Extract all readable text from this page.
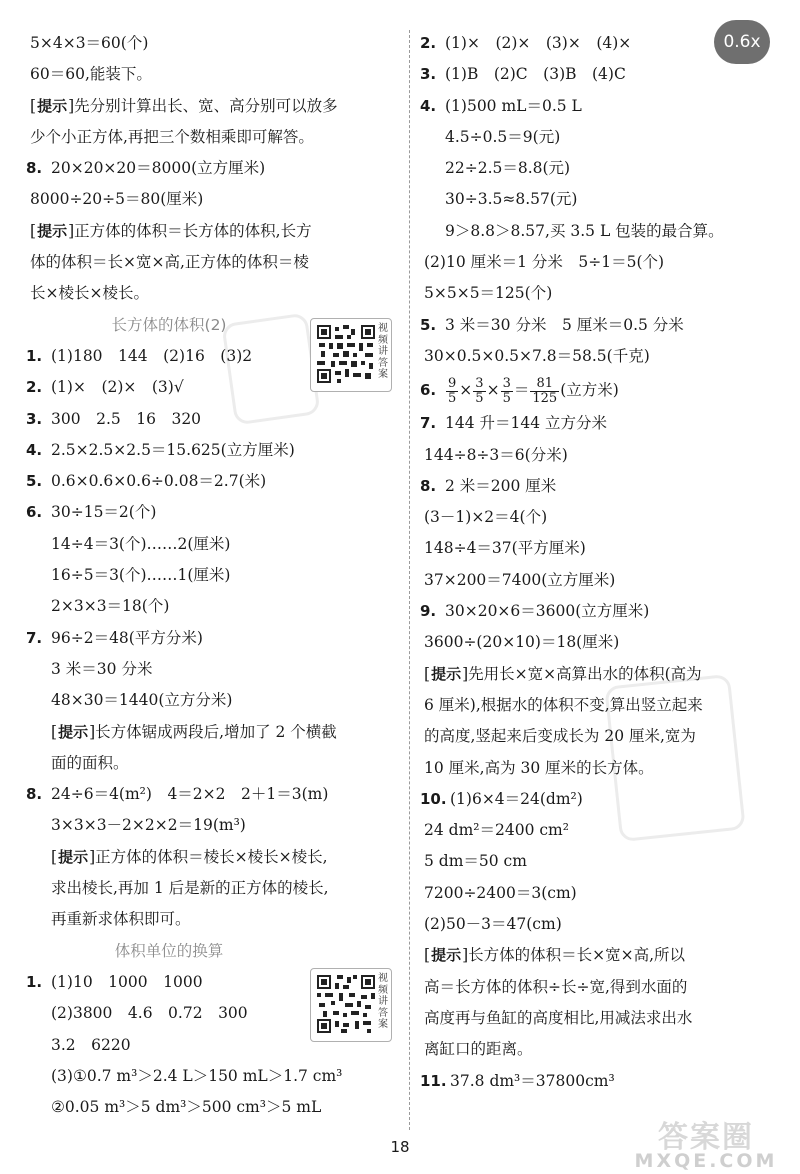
0.6x
5×4×3＝60(个)
60＝60,能装下。
[提示]先分别计算出长、宽、高分别可以放多
少个小正方体,再把三个数相乘即可解答。
8. 20×20×20＝8000(立方厘米)
8000÷20÷5＝80(厘米)
[提示]正方体的体积＝长方体的体积,长方
体的体积＝长×宽×高,正方体的体积＝棱
长×棱长×棱长。
长方体的体积(2)
1. (1)180　144　(2)16　(3)2
2. (1)×　(2)×　(3)√
3. 300　2.5　16　320
4. 2.5×2.5×2.5＝15.625(立方厘米)
5. 0.6×0.6×0.6÷0.08＝2.7(米)
6. 30÷15＝2(个)
14÷4＝3(个)……2(厘米)
16÷5＝3(个)……1(厘米)
2×3×3＝18(个)
7. 96÷2＝48(平方分米)
3 米＝30 分米
48×30＝1440(立方分米)
[提示]长方体锯成两段后,增加了 2 个横截
面的面积。
8. 24÷6＝4(m²)　4＝2×2　2＋1＝3(m)
3×3×3－2×2×2＝19(m³)
[提示]正方体的体积＝棱长×棱长×棱长,
求出棱长,再加 1 后是新的正方体的棱长,
再重新求体积即可。
体积单位的换算
1. (1)10　1000　1000
(2)3800　4.6　0.72　300
3.2　6220
(3)①0.7 m³＞2.4 L＞150 mL＞1.7 cm³
②0.05 m³＞5 dm³＞500 cm³＞5 mL
视
频
讲
答
案
视
频
讲
答
案
2. (1)×　(2)×　(3)×　(4)×
3. (1)B　(2)C　(3)B　(4)C
4. (1)500 mL＝0.5 L
4.5÷0.5＝9(元)
22÷2.5＝8.8(元)
30÷3.5≈8.57(元)
9＞8.8＞8.57,买 3.5 L 包装的最合算。
(2)10 厘米＝1 分米　5÷1＝5(个)
5×5×5＝125(个)
5. 3 米＝30 分米　5 厘米＝0.5 分米
30×0.5×0.5×7.8＝58.5(千克)
6. $\frac{9}{5} \times \frac{3}{5} \times \frac{3}{5} = \frac{81}{125}$ (立方米)
7. 144 升＝144 立方分米
144÷8÷3＝6(分米)
8. 2 米＝200 厘米
(3－1)×2＝4(个)
148÷4＝37(平方厘米)
37×200＝7400(立方厘米)
9. 30×20×6＝3600(立方厘米)
3600÷(20×10)＝18(厘米)
[提示]先用长×宽×高算出水的体积(高为
6 厘米),根据水的体积不变,算出竖立起来
的高度,竖起来后变成长为 20 厘米,宽为
10 厘米,高为 30 厘米的长方体。
10. (1)6×4＝24(dm²)
24 dm²＝2400 cm²
5 dm＝50 cm
7200÷2400＝3(cm)
(2)50－3＝47(cm)
[提示]长方体的体积＝长×宽×高,所以
高＝长方体的体积÷长÷宽,得到水面的
高度再与鱼缸的高度相比,用减法求出水
离缸口的距离。
11. 37.8 dm³＝37800cm³
18	答案圈
MXQE.COM
